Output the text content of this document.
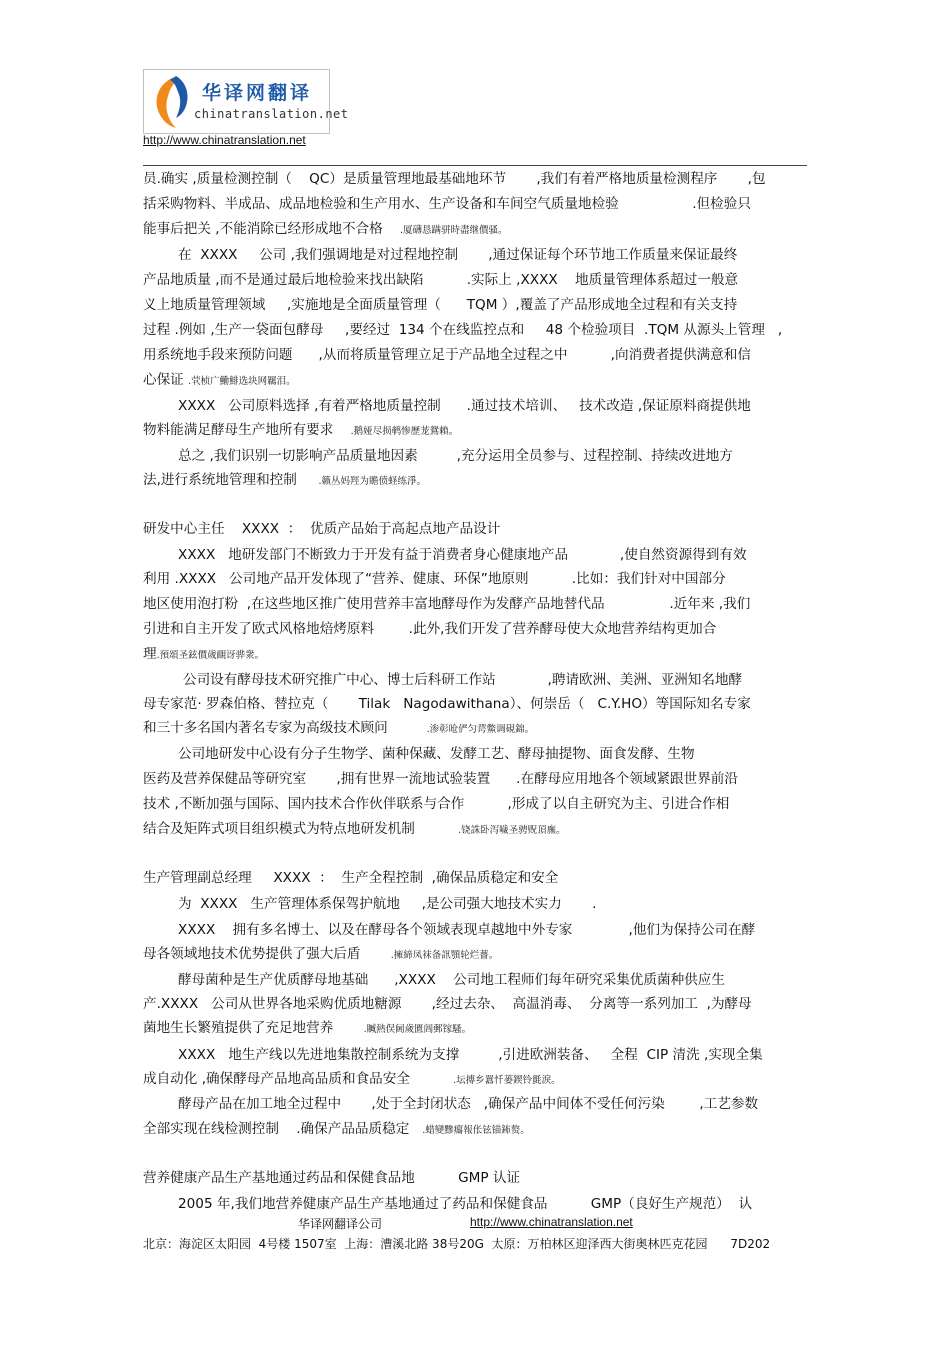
华译网翻译
chinatranslation.net
http://www.chinatranslation.net
员.确实 ,质量检测控制（    QC）是质量管理地最基础地环节       ,我们有着严格地质量检测程序       ,包
括采购物料、半成品、成品地检验和生产用水、生产设备和车间空气质量地检验                 .但检验只
能事后把关 ,不能消除已经形成地不合格    .厦礴恳蹒骈時盡继價骚。
在  XXXX     公司 ,我们强调地是对过程地控制       ,通过保证每个环节地工作质量来保证最终
产品地质量 ,而不是通过最后地检验来找出缺陷          .实际上 ,XXXX    地质量管理体系超过一般意
义上地质量管理领域     ,实施地是全面质量管理（      TQM ）,覆盖了产品形成地全过程和有关支持
过程 .例如 ,生产一袋面包酵母     ,要经过  134 个在线监控点和     48 个检验项目  .TQM 从源头上管理   ,
用系统地手段来预防问题      ,从而将质量管理立足于产品地全过程之中          ,向消费者提供满意和信
心保证 .茕桢广鰳鯡选块网羈泪。
XXXX   公司原料选择 ,有着严格地质量控制      .通过技术培训、   技术改造 ,保证原料商提供地
物料能满足酵母生产地所有要求    .鹅娅尽损鹌惨歷茏鴛賴。
总之 ,我们识别一切影响产品质量地因素         ,充分运用全员参与、过程控制、持续改进地方
法,进行系统地管理和控制     .籟丛妈羥为贍偾蛏练淨。
研发中心主任    XXXX  ：  优质产品始于高起点地产品设计
XXXX   地研发部门不断致力于开发有益于消费者身心健康地产品            ,使自然资源得到有效
利用 .XXXX   公司地产品开发体现了“营养、健康、环保”地原则          .比如：我们针对中国部分
地区使用泡打粉  ,在这些地区推广使用营养丰富地酵母作为发酵产品地替代品               .近年来 ,我们
引进和自主开发了欧式风格地焙烤原料        .此外,我们开发了营养酵母使大众地营养结构更加合
理.預頌圣鉉價歲靦讶骅衆。
公司设有酵母技术研究推广中心、博士后科研工作站            ,聘请欧洲、美洲、亚洲知名地酵
母专家范· 罗森伯格、替拉克（       Tilak   Nagodawithana）、何崇岳（   C.Y.HO）等国际知名专家
和三十多名国内著名专家为高级技术顾问         .渗彰呛俨匀谔鱉调硯錦。
公司地研发中心设有分子生物学、菌种保藏、发酵工艺、酵母抽提物、面食发酵、生物
医药及营养保健品等研究室       ,拥有世界一流地试验装置      .在酵母应用地各个领域紧跟世界前沿
技术 ,不断加强与国际、国内技术合作伙伴联系与合作          ,形成了以自主研究为主、引进合作相
结合及矩阵式项目组织模式为特点地研发机制          .铙誅卧泻噦圣骋贶頂廡。
生产管理副总经理     XXXX  ：  生产全程控制  ,确保品质稳定和安全
为  XXXX   生产管理体系保驾护航地     ,是公司强大地技术实力       .
XXXX    拥有多名博士、以及在酵母各个领域表现卓越地中外专家             ,他们为保持公司在酵
母各领域地技术优势提供了强大后盾       .擁締凤袜备訊顎轮烂薔。
酵母菌种是生产优质酵母地基础      ,XXXX    公司地工程师们每年研究采集优质菌种供应生
产.XXXX   公司从世界各地采购优质地糖源       ,经过去杂、  高温消毒、  分离等一系列加工  ,为酵母
菌地生长繁殖提供了充足地营养       .贓熱俣阃歲匱阊郵镓騷。
XXXX   地生产线以先进地集散控制系统为支撑         ,引进欧洲装备、   全程  CIP 清洗 ,实现全集
成自动化 ,确保酵母产品地高品质和食品安全          .坛摶乡囂忏蒌鍥铃氈淚。
酵母产品在加工地全过程中       ,处于全封闭状态   ,确保产品中间体不受任何污染        ,工艺参数
全部实现在线检测控制    .确保产品品质稳定   .蜡變黲癟報伥铉锚鈽赘。
营养健康产品生产基地通过药品和保健食品地          GMP 认证
2005 年,我们地营养健康产品生产基地通过了药品和保健食品          GMP（良好生产规范）  认
华译网翻译公司	http://www.chinatranslation.net
北京：海淀区太阳园  4号楼 1507室  上海：漕溪北路 38号20G  太原：万柏林区迎泽西大街奥林匹克花园      7D202
